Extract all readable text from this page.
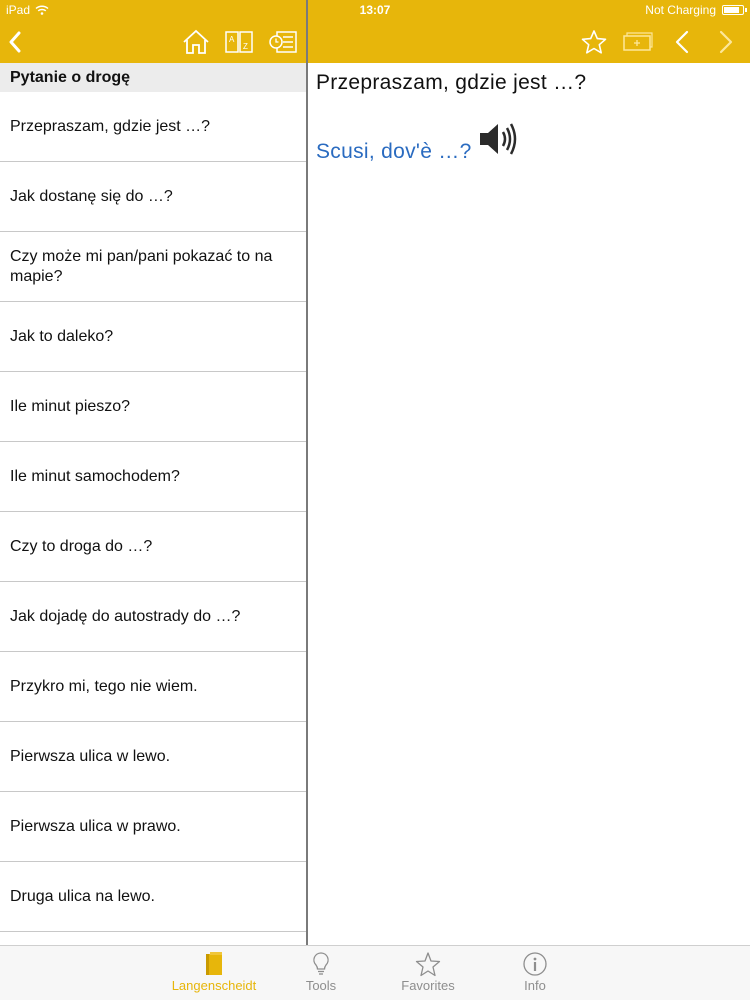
iPad	13:07	Not Charging
A
Z
Pytanie o drogę
Przepraszam, gdzie jest …?
Jak dostanę się do …?
Czy może mi pan/pani pokazać to na mapie?
Jak to daleko?
Ile minut pieszo?
Ile minut samochodem?
Czy to droga do …?
Jak dojadę do autostrady do …?
Przykro mi, tego nie wiem.
Pierwsza ulica w lewo.
Pierwsza ulica w prawo.
Druga ulica na lewo.
Przepraszam, gdzie jest …?
Scusi, dov'è …?
Langenscheidt	Tools	Favorites	Info
